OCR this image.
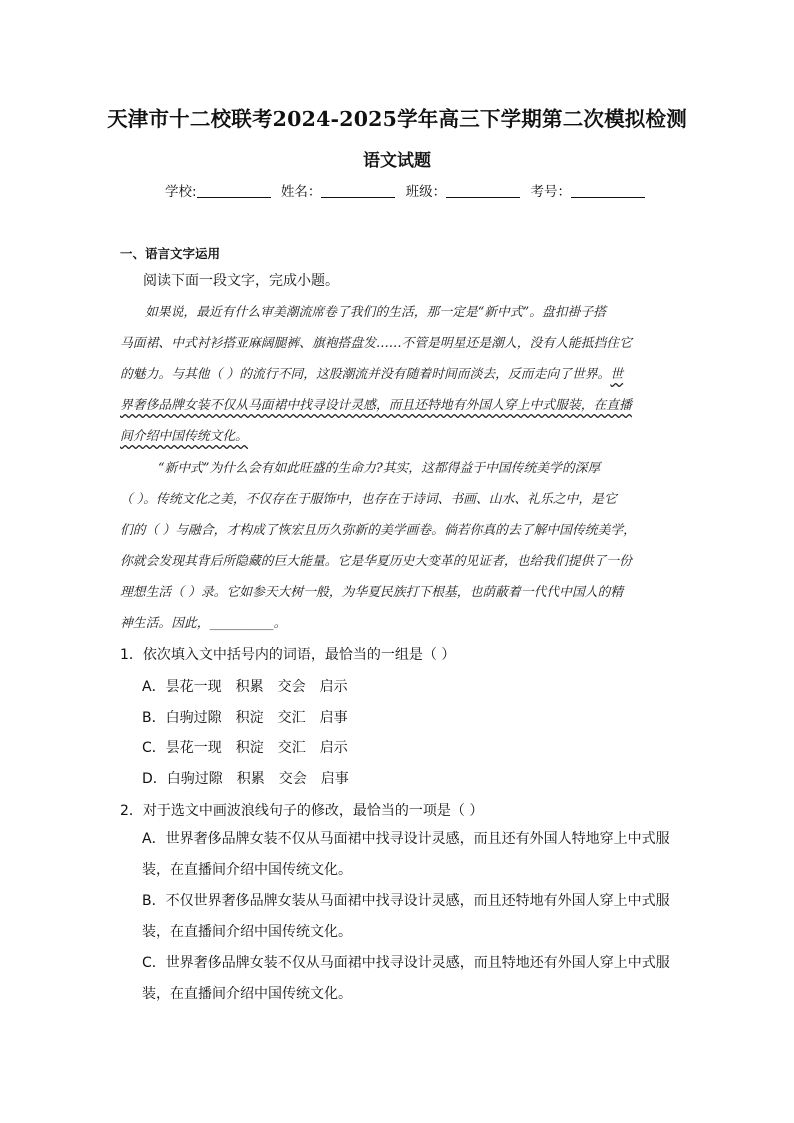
天津市十二校联考2024-2025学年高三下学期第二次模拟检测
语文试题
学校:	姓名：	班级：	考号：
一、语言文字运用
阅读下面一段文字，完成小题。
如果说，最近有什么审美潮流席卷了我们的生活，那一定是“新中式”。盘扣褂子搭
马面裙、中式衬衫搭亚麻阔腿裤、旗袍搭盘发……不管是明星还是潮人，没有人能抵挡住它
的魅力。与其他（ ）的流行不同，这股潮流并没有随着时间而淡去，反而走向了世界。世
界奢侈品牌女装不仅从马面裙中找寻设计灵感，而且还特地有外国人穿上中式服装，在直播
间介绍中国传统文化。
“新中式”为什么会有如此旺盛的生命力?其实，这都得益于中国传统美学的深厚
（ ）。传统文化之美，不仅存在于服饰中，也存在于诗词、书画、山水、礼乐之中，是它
们的（ ）与融合，才构成了恢宏且历久弥新的美学画卷。倘若你真的去了解中国传统美学，
你就会发现其背后所隐藏的巨大能量。它是华夏历史大变革的见证者，也给我们提供了一份
理想生活（ ）录。它如参天大树一般，为华夏民族打下根基，也荫蔽着一代代中国人的精
神生活。因此，__________。
1．依次填入文中括号内的词语，最恰当的一组是（ ）
A．昙花一现 积累 交会 启示
B．白驹过隙 积淀 交汇 启事
C．昙花一现 积淀 交汇 启示
D．白驹过隙 积累 交会 启事
2．对于选文中画波浪线句子的修改，最恰当的一项是（ ）
A．世界奢侈品牌女装不仅从马面裙中找寻设计灵感，而且还有外国人特地穿上中式服
装，在直播间介绍中国传统文化。
B．不仅世界奢侈品牌女装从马面裙中找寻设计灵感，而且还特地有外国人穿上中式服
装，在直播间介绍中国传统文化。
C．世界奢侈品牌女装不仅从马面裙中找寻设计灵感，而且特地还有外国人穿上中式服
装，在直播间介绍中国传统文化。
